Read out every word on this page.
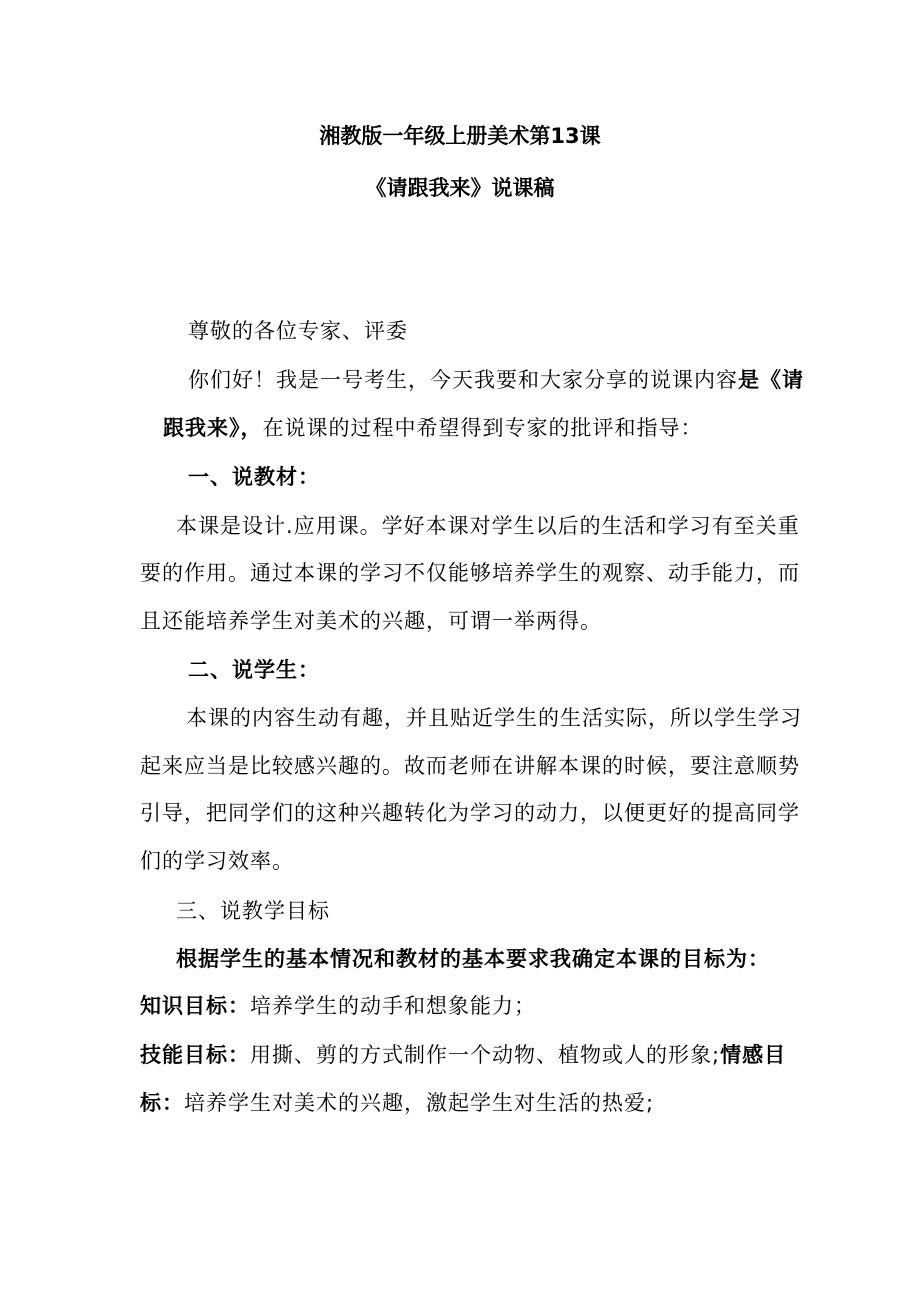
湘教版一年级上册美术第13课
《请跟我来》说课稿
尊敬的各位专家、评委
你们好！我是一号考生，今天我要和大家分享的说课内容是《请
跟我来》，在说课的过程中希望得到专家的批评和指导：
一、说教材：
本课是设计.应用课。学好本课对学生以后的生活和学习有至关重
要的作用。通过本课的学习不仅能够培养学生的观察、动手能力，而
且还能培养学生对美术的兴趣，可谓一举两得。
二、说学生：
本课的内容生动有趣，并且贴近学生的生活实际，所以学生学习
起来应当是比较感兴趣的。故而老师在讲解本课的时候，要注意顺势
引导，把同学们的这种兴趣转化为学习的动力，以便更好的提高同学
们的学习效率。
三、说教学目标
根据学生的基本情况和教材的基本要求我确定本课的目标为：
知识目标：培养学生的动手和想象能力；
技能目标：用撕、剪的方式制作一个动物、植物或人的形象;情感目
标：培养学生对美术的兴趣，激起学生对生活的热爱;
